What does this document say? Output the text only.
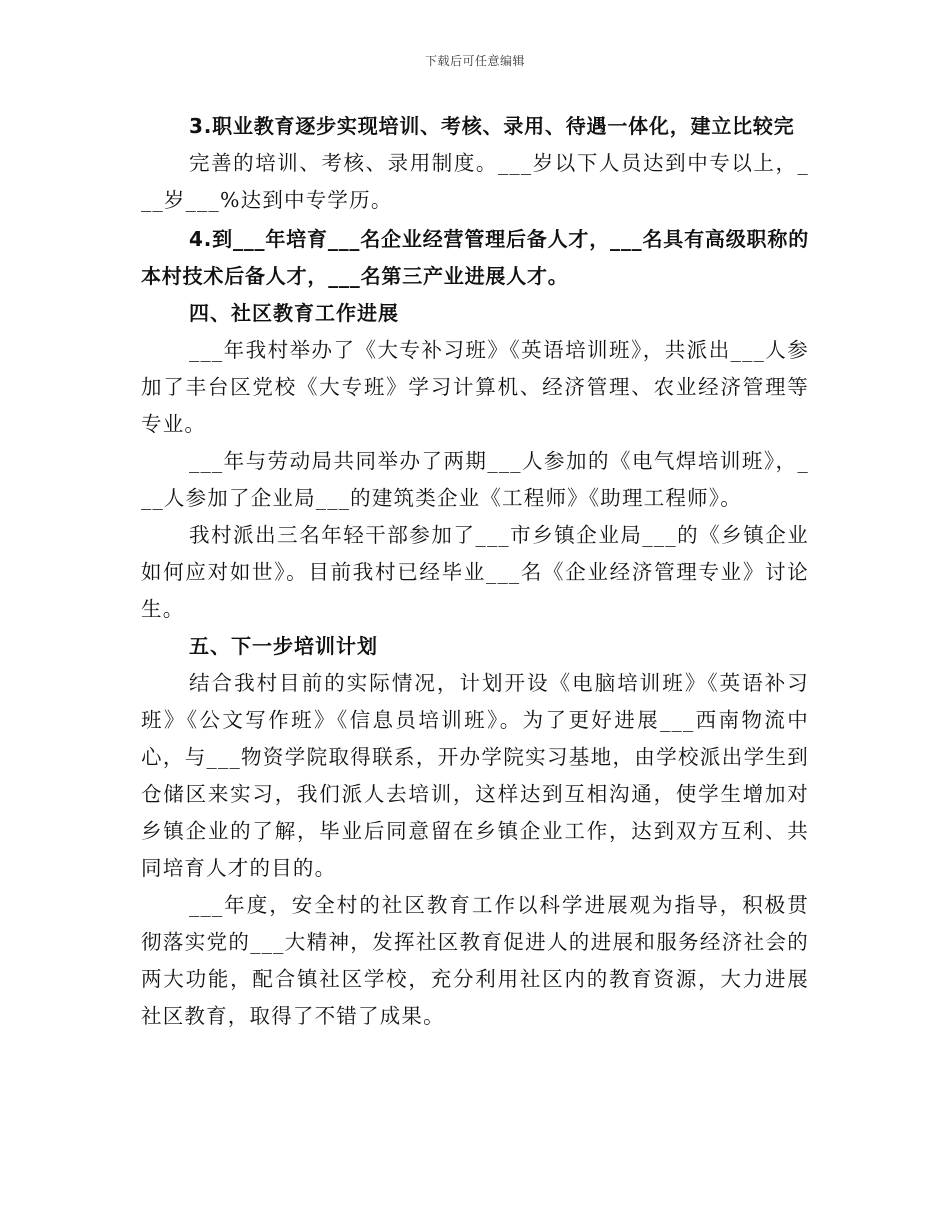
下载后可任意编辑

3.职业教育逐步实现培训、考核、录用、待遇一体化，建立比较完

完善的培训、考核、录用制度。___岁以下人员达到中专以上，___岁___%达到中专学历。

4.到___年培育___名企业经营管理后备人才，___名具有高级职称的本村技术后备人才，___名第三产业进展人才。

四、社区教育工作进展

___年我村举办了《大专补习班》《英语培训班》，共派出___人参加了丰台区党校《大专班》学习计算机、经济管理、农业经济管理等专业。

___年与劳动局共同举办了两期___人参加的《电气焊培训班》，___人参加了企业局___的建筑类企业《工程师》《助理工程师》。

我村派出三名年轻干部参加了___市乡镇企业局___的《乡镇企业如何应对如世》。目前我村已经毕业___名《企业经济管理专业》讨论生。

五、下一步培训计划

结合我村目前的实际情况，计划开设《电脑培训班》《英语补习班》《公文写作班》《信息员培训班》。为了更好进展___西南物流中心，与___物资学院取得联系，开办学院实习基地，由学校派出学生到仓储区来实习，我们派人去培训，这样达到互相沟通，使学生增加对乡镇企业的了解，毕业后同意留在乡镇企业工作，达到双方互利、共同培育人才的目的。

___年度，安全村的社区教育工作以科学进展观为指导，积极贯彻落实党的___大精神，发挥社区教育促进人的进展和服务经济社会的两大功能，配合镇社区学校，充分利用社区内的教育资源，大力进展社区教育，取得了不错了成果。
